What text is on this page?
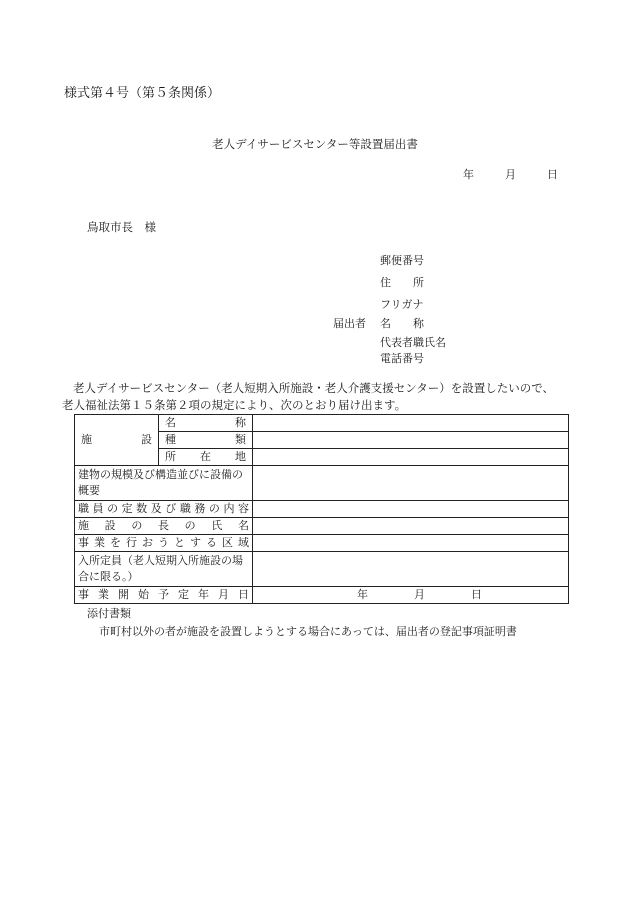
様式第４号（第５条関係）
老人デイサービスセンター等設置届出書
年	月	日
鳥取市長　様
郵便番号
住　　所
フリガナ
届出者 名　　称
代表者職氏名
電話番号
老人デイサービスセンター（老人短期入所施設・老人介護支援センター）を設置したいので、老人福祉法第１５条第２項の規定により、次のとおり届け出ます。
施設	名称	
	種類	
	所在地	
建物の規模及び構造並びに設備の概要		
職員の定数及び職務の内容		
施設の長の氏名		
事業を行おうとする区域		
入所定員（老人短期入所施設の場合に限る。）		
事業開始予定年月日		年 月 日
添付書類
市町村以外の者が施設を設置しようとする場合にあっては、届出者の登記事項証明書
